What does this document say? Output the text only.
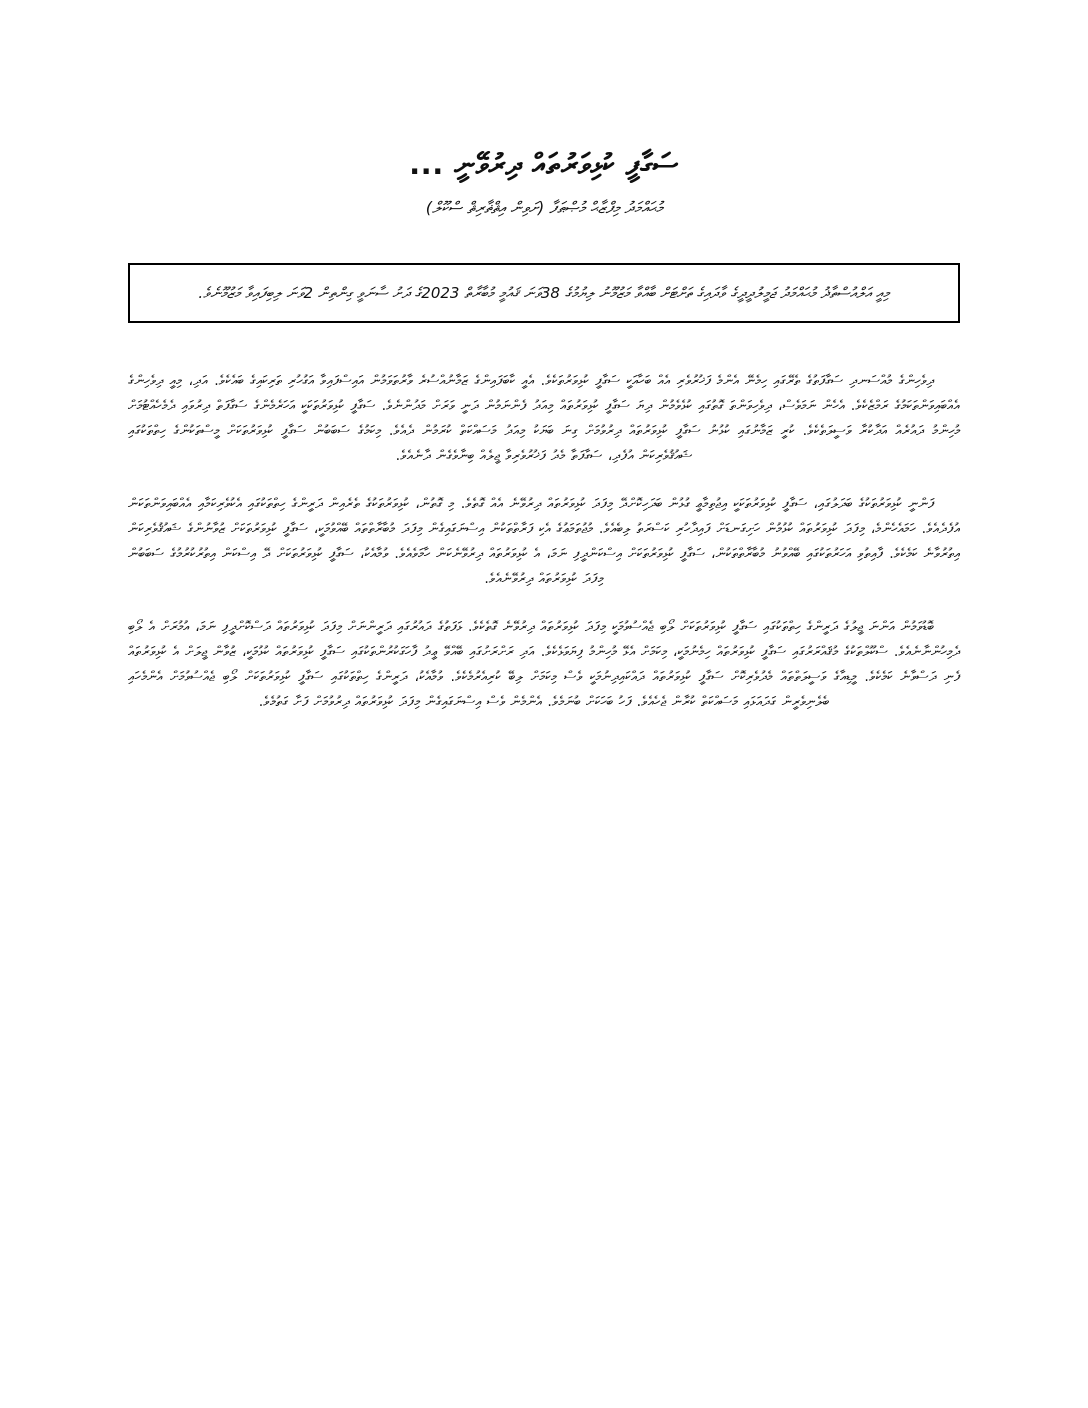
ސަގާފީ ކުޅިވަރުތައް ދިރުވޭނީ ...
މުޙައްމަދު މިފްޒާޙް މުޞްޠަފާ (ށަވިން އިޘްޡާރިޘް ސްކޫލް)
މިއީ އަލްއުސްތާޛު މުޙައްމަދު ޖަމީލުދީދީގެ ވާދައިގެ ތަށްޓަށް ބާއްވާ މަޒުމޫނު ލިޔުމުގެ 38ވަނަ ޤައުމީ މުބާރާތް 2023ގެ ދަށު ސާނަވީ ގިންތިން 2ވަނަ ލިބިފައިވާ މަޒުމޫނެވެ.

ދިވެހިންގެ މުއްސަނދި ސަގާފަތުގެ ތެރޭގައި ހިމެނޭ އެންމެ ފަޚުރުވެރި އެއް ބަހާއަކީ ސަގާފީ ކުޅިވަރުތަކެވެ. އެއީ ކާބަފައިންގެ ޒަމާނުއްސުރެ ވާރުތަވަމުން އައިސްފައިވާ އަގުހުރި ތަރިކައިގެ ބައެކެވެ. އަދި، މިއީ ދިވެހިންގެ އެއްބައިވަންތަކަމުގެ ރަމްޒެކެވެ. އެހެން ނަމަވެސް، ދިވެހިވަންތަ ގޮތުގައި ކުޅެވެމުން ދިޔަ ސަގާފީ ކުޅިވަރުތައް މިއަދު ފެންނަމުން ދަނީ ވަރަށް މަދުންނެވެ. ސަގާފީ ކުޅިވަރުތަކަކީ އަހަރެމެންގެ ސަގާފަތް ދިރުވައި ދެމެހެއްޓުމަށް މުހިންމު ދައުރެއް އަދާކުރާ ވަސީލަތެކެވެ. ކުރީ ޒަމާނުގައި ކުޅުނު ސަގާފީ ކުޅިވަރުތައް ދިރުވުމަށް ގިނަ ބަޔަކު މިއަދު މަސައްކަތް ކުރަމުން ދެއެވެ. މިކަމުގެ ސަބަބުން ސަގާފީ ކުޅިވަރުތަކަށް މީސްތަކުންގެ ހިތްތަކުގައި ޝައުޤުވެރިކަން އުފެދި، ސަގާފަތާ މެދު ފަޚުރުވެރިވާ ޖީލެއް ބިނާވެގެން ދާނެއެވެ.

ފަންނީ ކުޅިވަރުތަކުގެ ބަދަލުގައި، ސަގާފީ ކުޅިވަރުތަކަކީ އިޖުތިމާޢީ ގުޅުން ބަދަހިކޮށްދޭ މިފަދަ ކުޅިވަރުތައް ދިރުވޭނެ އެއް ގޮތެވެ. މި ގޮތުން، ކުޅިވަރުތަކުގެ ތެރެއިން ދަރީންގެ ހިތްތަކުގައި އެކުވެރިކަމާއި އެއްބައިވަންތަކަން އުފެދެއެވެ. ހަމައެހެންމެ، މިފަދަ ކުޅިވަރުތައް ކުޅުމުން ހަށިގަނޑަށް ފައިދާހުރި ކަސްރަތު ލިބެއެވެ. މުޖުތަމަޢުގެ އެކި ފަރާތްތަކުން އިސްނަގައިގެން މިފަދަ މުބާރާތްތައް ބޭއްވުމަކީ، ސަގާފީ ކުޅިވަރުތަކަށް ޒުވާނުންގެ ޝައުޤުވެރިކަން އިތުރުވާނެ ކަމެކެވެ. ފާއިތުވި އަހަރުތަކުގައި ބޭއްވުނު މުބާރާތްތަކުން، ސަގާފީ ކުޅިވަރުތަކަށް އިސްކަންދީފި ނަމަ، އެ ކުޅިވަރުތައް ދިރުވޭނެކަން ހާމަވެއެވެ. ވުމާއެކު، ސަގާފީ ކުޅިވަރުތަކަށް ދޭ އިސްކަން އިތުރުކުރުމުގެ ސަބަބުން މިފަދަ ކުޅިވަރުތައް ދިރުވޭނެއެވެ.

ބޮޑުވަމުން އަންނަ ޖީލުގެ ދަރީންގެ ހިތްތަކުގައި ސަގާފީ ކުޅިވަރުތަކަށް ލޯބި ޖެއްސުވުމަކީ މިފަދަ ކުޅިވަރުތައް ދިރުވޭނެ ގޮތެކެވެ. ޅަފަތުގެ ދައުރުގައި ދަރީންނަށް މިފަދަ ކުޅިވަރުތައް ދަސްކޮށްދީފި ނަމަ، އުމުރަށް އެ ލޯބި ދެމިހުންނާނެއެވެ. ސްކޫލްތަކުގެ މުޤައްރަރުގައި ސަގާފީ ކުޅިވަރުތައް ހިމެނުމަކީ، މިކަމަށް އެޅޭ މުހިންމު ފިޔަވަޅެކެވެ. އަދި ރަށްރަށުގައި ބޭއްވޭ ޢީދު ފާހަގަކުރުންތަކުގައި ސަގާފީ ކުޅިވަރުތައް ކުޅުމަކީ، ޒުވާން ޖީލަށް އެ ކުޅިވަރުތައް ފެނި ދަސްވާނެ ކަމެކެވެ. މީޑިއާގެ ވަސީލަތްތައް މެދުވެރިކޮށް ސަގާފީ ކުޅިވަރުތައް ދައްކައިދިނުމަކީ ވެސް މިކަމަށް ލިބޭ ކުރިއެރުމެކެވެ. ވުމާއެކު، ދަރީންގެ ހިތްތަކުގައި ސަގާފީ ކުޅިވަރުތަކަށް ލޯބި ޖެއްސުވުމަށް އެންމެހައި ބެލެނިވެރީން ގަދައަޅައި މަސައްކަތް ކުރާން ޖެހެއެވެ. ފަހު ބަހަކަށް ބުނަމެވެ. އެންމެން ވެސް އިސްނަގައިގެން މިފަދަ ކުޅިވަރުތައް ދިރުވުމަށް ފަށާ ގަތުމެވެ.
